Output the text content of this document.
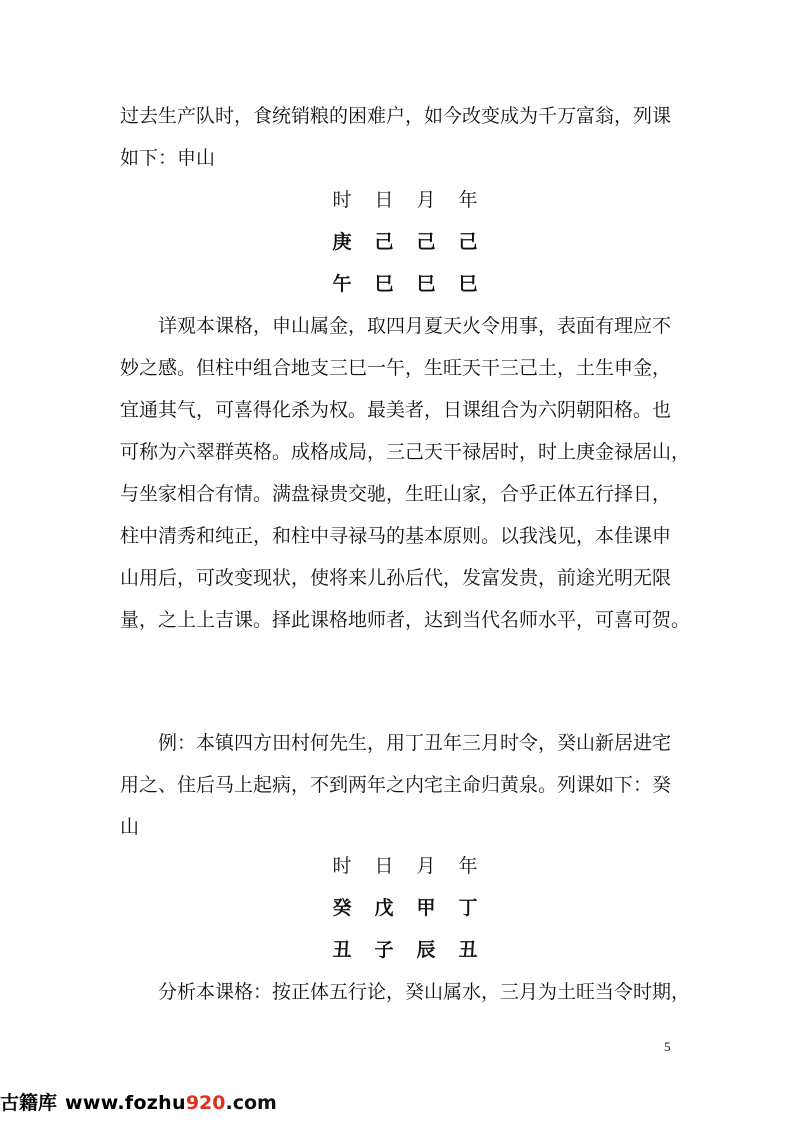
过去生产队时，食统销粮的困难户，如今改变成为千万富翁，列课
如下：申山
时 日 月 年
庚 己 己 己
午 巳 巳 巳
　　详观本课格，申山属金，取四月夏天火令用事，表面有理应不
妙之感。但柱中组合地支三巳一午，生旺天干三己土，土生申金，
宜通其气，可喜得化杀为权。最美者，日课组合为六阴朝阳格。也
可称为六翠群英格。成格成局，三己天干禄居时，时上庚金禄居山，
与坐家相合有情。满盘禄贵交驰，生旺山家，合乎正体五行择日，
柱中清秀和纯正，和柱中寻禄马的基本原则。以我浅见，本佳课申
山用后，可改变现状，使将来儿孙后代，发富发贵，前途光明无限
量，之上上吉课。择此课格地师者，达到当代名师水平，可喜可贺。
　　例：本镇四方田村何先生，用丁丑年三月时令，癸山新居进宅
用之、住后马上起病，不到两年之内宅主命归黄泉。列课如下：癸
山
时 日 月 年
癸 戊 甲 丁
丑 子 辰 丑
　　分析本课格：按正体五行论，癸山属水，三月为土旺当令时期，
5
古籍库 www.fozhu920.com
